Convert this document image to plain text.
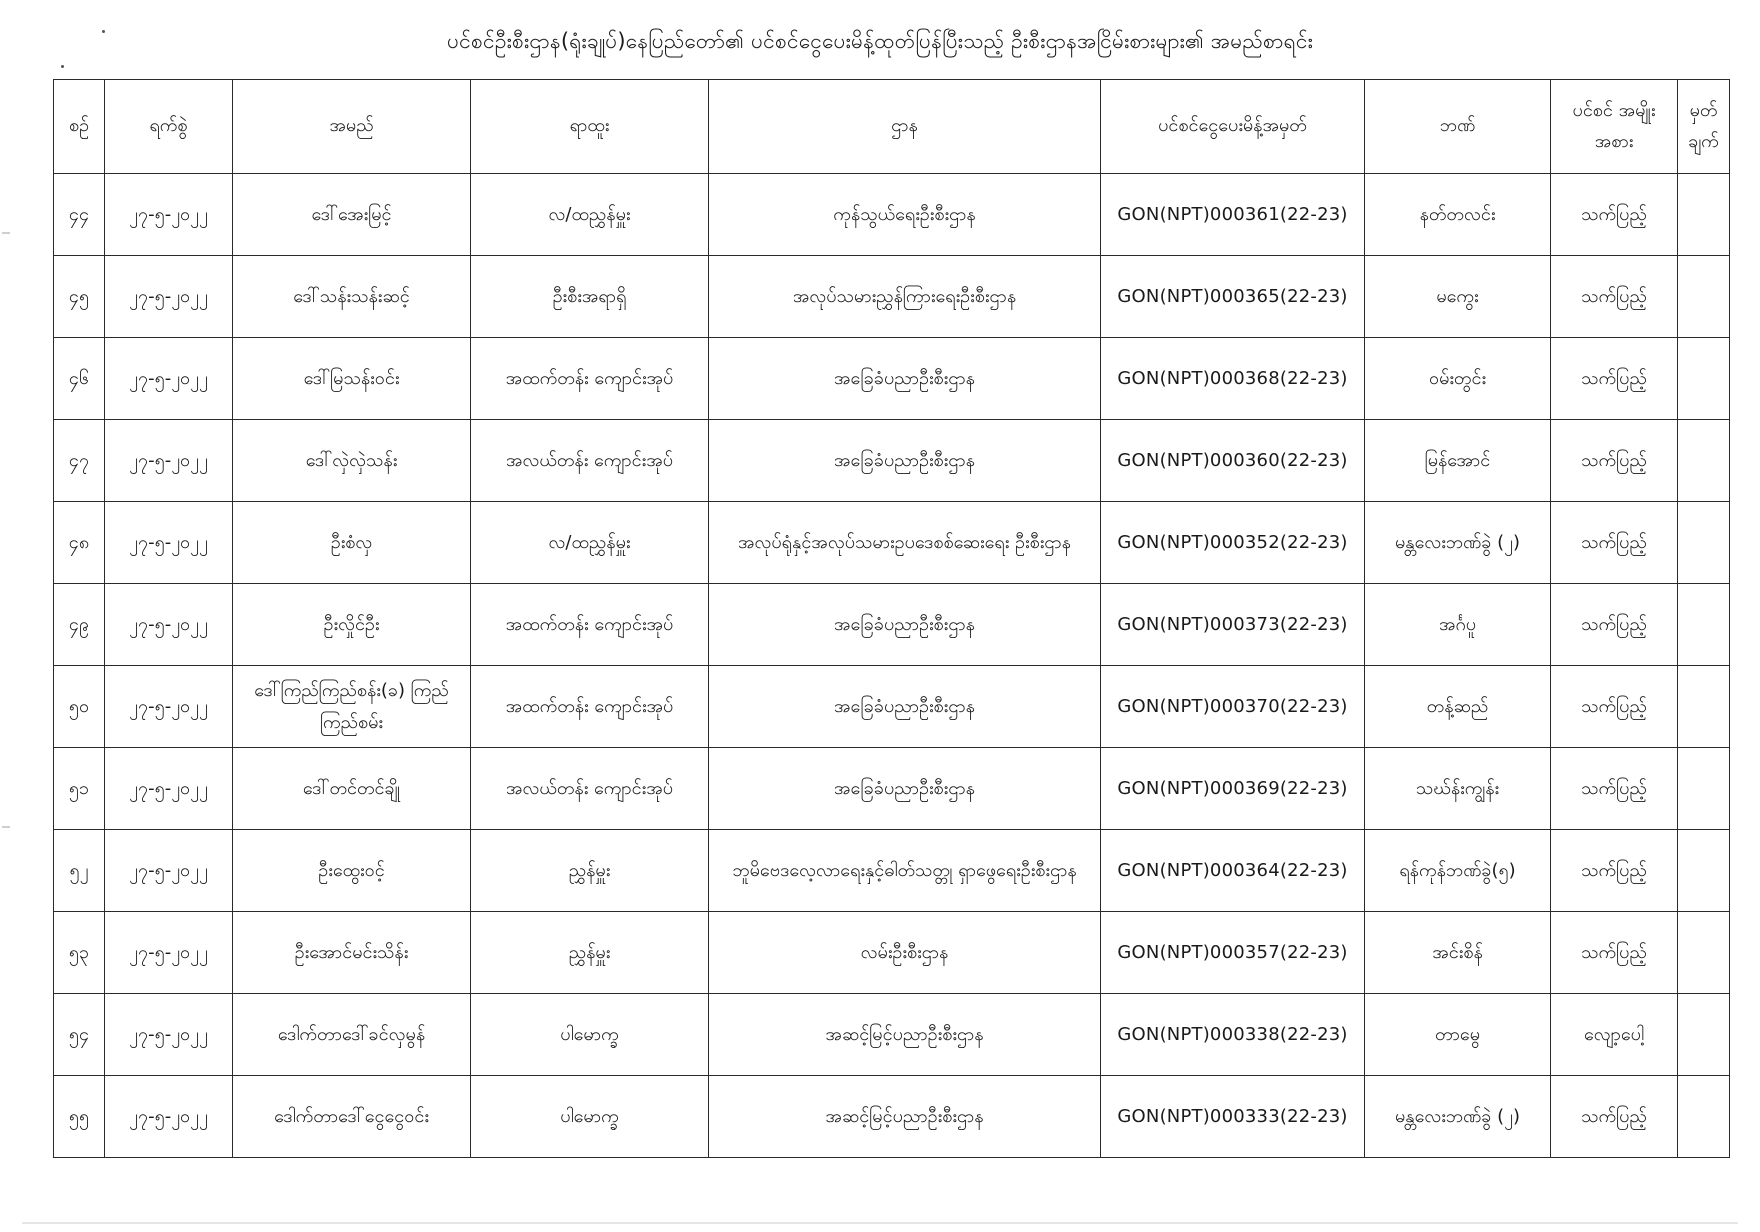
ပင်စင်ဦးစီးဌာန(ရုံးချုပ်)နေပြည်တော်၏ ပင်စင်ငွေပေးမိန့်ထုတ်ပြန်ပြီးသည့် ဦးစီးဌာနအငြိမ်းစားများ၏ အမည်စာရင်း
စဉ်	ရက်စွဲ	အမည်	ရာထူး	ဌာန	ပင်စင်ငွေပေးမိန့်အမှတ်	ဘဏ်	ပင်စင် အမျိုးအစား	မှတ် ချက်
၄၄	၂၇-၅-၂၀၂၂	ဒေါ်အေးမြင့်	လ/ထညွှန်မှူး	ကုန်သွယ်ရေးဦးစီးဌာန	GON(NPT)000361(22-23)	နတ်တလင်း	သက်ပြည့်	
၄၅	၂၇-၅-၂၀၂၂	ဒေါ်သန်းသန်းဆင့်	ဦးစီးအရာရှိ	အလုပ်သမားညွှန်ကြားရေးဦးစီးဌာန	GON(NPT)000365(22-23)	မကွေး	သက်ပြည့်	
၄၆	၂၇-၅-၂၀၂၂	ဒေါ်မြသန်းဝင်း	အထက်တန်း ကျောင်းအုပ်	အခြေခံပညာဦးစီးဌာန	GON(NPT)000368(22-23)	ဝမ်းတွင်း	သက်ပြည့်	
၄၇	၂၇-၅-၂၀၂၂	ဒေါ်လှဲလှဲသန်း	အလယ်တန်း ကျောင်းအုပ်	အခြေခံပညာဦးစီးဌာန	GON(NPT)000360(22-23)	မြန်အောင်	သက်ပြည့်	
၄၈	၂၇-၅-၂၀၂၂	ဦးစံလှ	လ/ထညွှန်မှူး	အလုပ်ရုံနှင့်အလုပ်သမားဥပဒေစစ်ဆေးရေး ဦးစီးဌာန	GON(NPT)000352(22-23)	မန္တလေးဘဏ်ခွဲ (၂)	သက်ပြည့်	
၄၉	၂၇-၅-၂၀၂၂	ဦးလှိုင်ဦး	အထက်တန်း ကျောင်းအုပ်	အခြေခံပညာဦးစီးဌာန	GON(NPT)000373(22-23)	အင်္ဂပူ	သက်ပြည့်	
၅၀	၂၇-၅-၂၀၂၂	ဒေါ်ကြည်ကြည်စန်း(ခ) ကြည်ကြည်စမ်း	အထက်တန်း ကျောင်းအုပ်	အခြေခံပညာဦးစီးဌာန	GON(NPT)000370(22-23)	တန့်ဆည်	သက်ပြည့်	
၅၁	၂၇-၅-၂၀၂၂	ဒေါ်တင်တင်ချို	အလယ်တန်း ကျောင်းအုပ်	အခြေခံပညာဦးစီးဌာန	GON(NPT)000369(22-23)	သဃ်န်းကျွန်း	သက်ပြည့်	
၅၂	၂၇-၅-၂၀၂၂	ဦးထွေးဝင့်	ညွှန်မှူး	ဘူမိဗေဒလေ့လာရေးနှင့်ဓါတ်သတ္တု ရှာဖွေရေးဦးစီးဌာန	GON(NPT)000364(22-23)	ရန်ကုန်ဘဏ်ခွဲ(၅)	သက်ပြည့်	
၅၃	၂၇-၅-၂၀၂၂	ဦးအောင်မင်းသိန်း	ညွှန်မှူး	လမ်းဦးစီးဌာန	GON(NPT)000357(22-23)	အင်းစိန်	သက်ပြည့်	
၅၄	၂၇-၅-၂၀၂၂	ဒေါက်တာဒေါ်ခင်လှမွန်	ပါမောက္ခ	အဆင့်မြင့်ပညာဦးစီးဌာန	GON(NPT)000338(22-23)	တာမွေ	လျော့ပေါ့	
၅၅	၂၇-၅-၂၀၂၂	ဒေါက်တာဒေါ်ငွေငွေဝင်း	ပါမောက္ခ	အဆင့်မြင့်ပညာဦးစီးဌာန	GON(NPT)000333(22-23)	မန္တလေးဘဏ်ခွဲ (၂)	သက်ပြည့်	
